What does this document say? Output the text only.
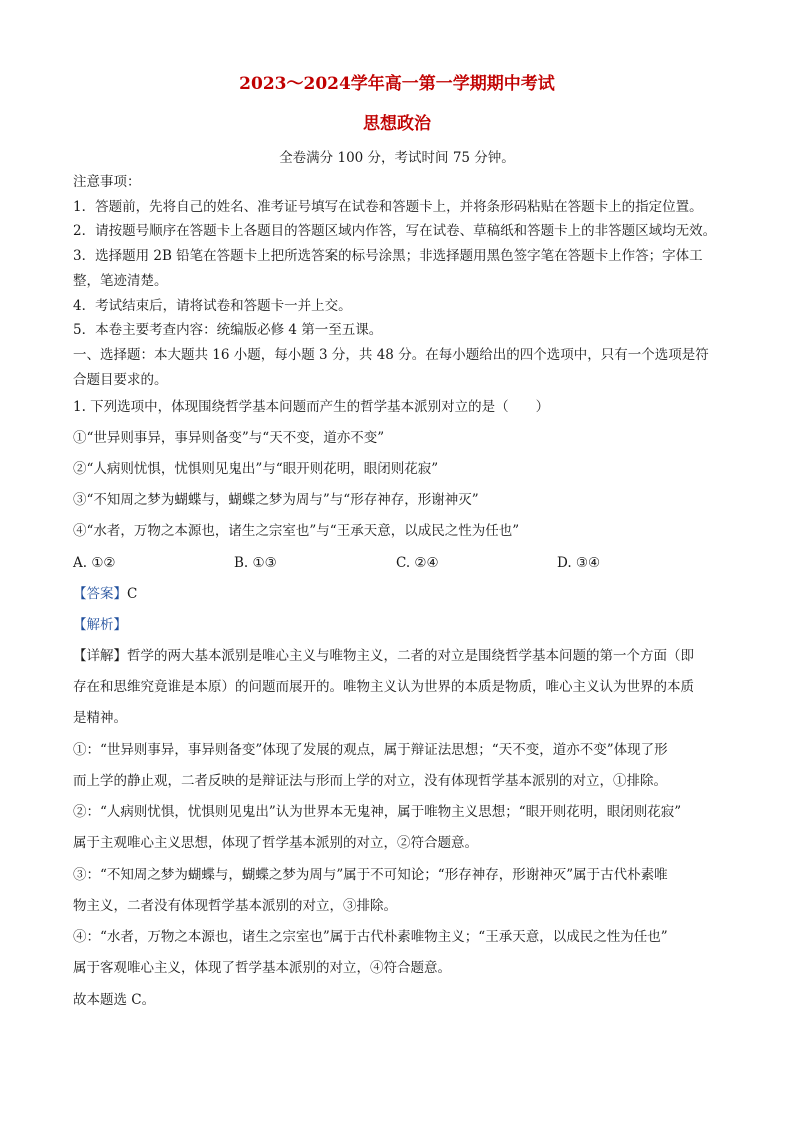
2023～2024学年高一第一学期期中考试
思想政治
全卷满分 100 分，考试时间 75 分钟。
注意事项：
1．答题前，先将自己的姓名、准考证号填写在试卷和答题卡上，并将条形码粘贴在答题卡上的指定位置。
2．请按题号顺序在答题卡上各题目的答题区域内作答，写在试卷、草稿纸和答题卡上的非答题区域均无效。
3．选择题用 2B 铅笔在答题卡上把所选答案的标号涂黑；非选择题用黑色签字笔在答题卡上作答；字体工
整，笔迹清楚。
4．考试结束后，请将试卷和答题卡一并上交。
5．本卷主要考查内容：统编版必修 4 第一至五课。
一、选择题：本大题共 16 小题，每小题 3 分，共 48 分。在每小题给出的四个选项中，只有一个选项是符
合题目要求的。
1. 下列选项中，体现围绕哲学基本问题而产生的哲学基本派别对立的是（　　）
①“世异则事异，事异则备变”与“天不变，道亦不变”
②“人病则忧惧，忧惧则见鬼出”与“眼开则花明，眼闭则花寂”
③“不知周之梦为蝴蝶与，蝴蝶之梦为周与”与“形存神存，形谢神灭”
④“水者，万物之本源也，诸生之宗室也”与“王承天意，以成民之性为任也”
A. ①②	B. ①③	C. ②④	D. ③④
【答案】C
【解析】
【详解】哲学的两大基本派别是唯心主义与唯物主义，二者的对立是围绕哲学基本问题的第一个方面（即
存在和思维究竟谁是本原）的问题而展开的。唯物主义认为世界的本质是物质，唯心主义认为世界的本质
是精神。
①：“世异则事异，事异则备变”体现了发展的观点，属于辩证法思想；“天不变，道亦不变”体现了形
而上学的静止观，二者反映的是辩证法与形而上学的对立，没有体现哲学基本派别的对立，①排除。
②：“人病则忧惧，忧惧则见鬼出”认为世界本无鬼神，属于唯物主义思想；“眼开则花明，眼闭则花寂”
属于主观唯心主义思想，体现了哲学基本派别的对立，②符合题意。
③：“不知周之梦为蝴蝶与，蝴蝶之梦为周与”属于不可知论；“形存神存，形谢神灭”属于古代朴素唯
物主义，二者没有体现哲学基本派别的对立，③排除。
④：“水者，万物之本源也，诸生之宗室也”属于古代朴素唯物主义；“王承天意，以成民之性为任也”
属于客观唯心主义，体现了哲学基本派别的对立，④符合题意。
故本题选 C。
